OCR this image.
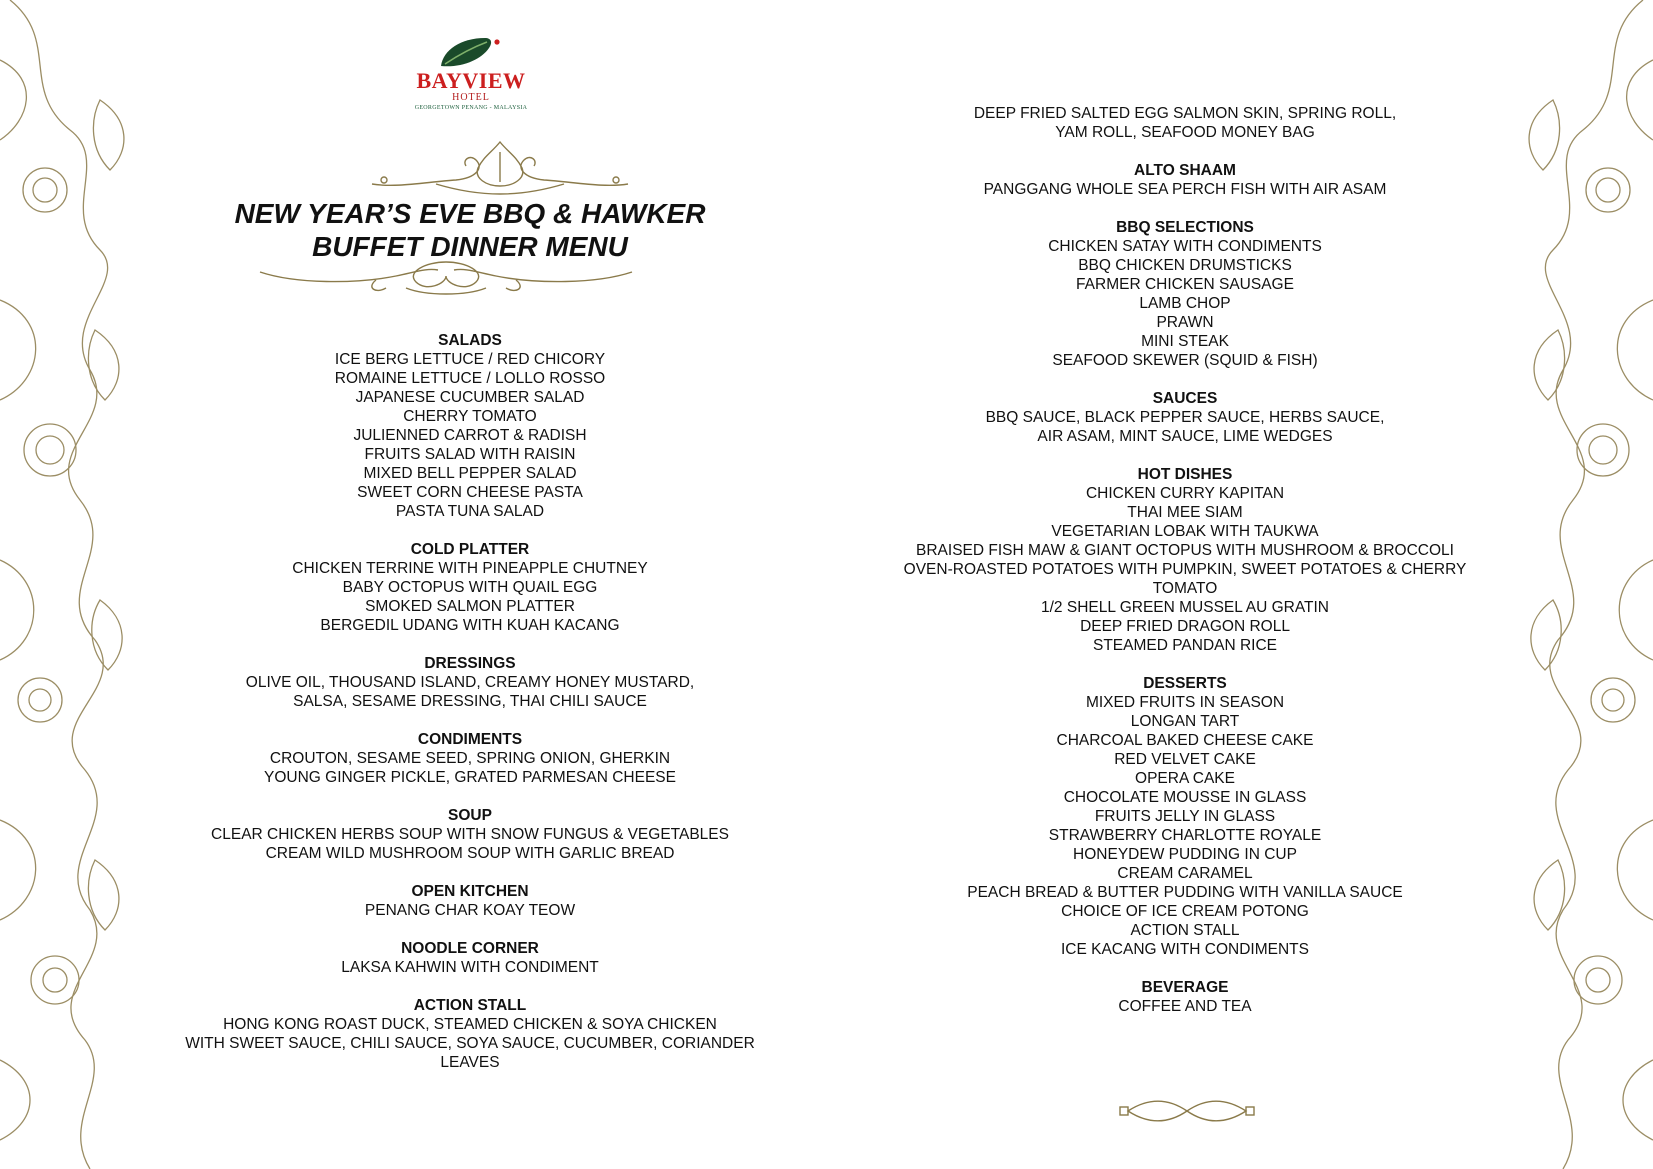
BAYVIEW
HOTEL
GEORGETOWN PENANG - MALAYSIA
NEW YEAR’S EVE BBQ & HAWKER
BUFFET DINNER MENU
SALADS
ICE BERG LETTUCE / RED CHICORY
ROMAINE LETTUCE / LOLLO ROSSO
JAPANESE CUCUMBER SALAD
CHERRY TOMATO
JULIENNED CARROT & RADISH
FRUITS SALAD WITH RAISIN
MIXED BELL PEPPER SALAD
SWEET CORN CHEESE PASTA
PASTA TUNA SALAD
COLD PLATTER
CHICKEN TERRINE WITH PINEAPPLE CHUTNEY
BABY OCTOPUS WITH QUAIL EGG
SMOKED SALMON PLATTER
BERGEDIL UDANG WITH KUAH KACANG
DRESSINGS
OLIVE OIL, THOUSAND ISLAND, CREAMY HONEY MUSTARD,
SALSA, SESAME DRESSING, THAI CHILI SAUCE
CONDIMENTS
CROUTON, SESAME SEED, SPRING ONION, GHERKIN
YOUNG GINGER PICKLE, GRATED PARMESAN CHEESE
SOUP
CLEAR CHICKEN HERBS SOUP WITH SNOW FUNGUS & VEGETABLES
CREAM WILD MUSHROOM SOUP WITH GARLIC BREAD
OPEN KITCHEN
PENANG CHAR KOAY TEOW
NOODLE CORNER
LAKSA KAHWIN WITH CONDIMENT
ACTION STALL
HONG KONG ROAST DUCK, STEAMED CHICKEN & SOYA CHICKEN
WITH SWEET SAUCE, CHILI SAUCE, SOYA SAUCE, CUCUMBER, CORIANDER
LEAVES
DEEP FRIED SALTED EGG SALMON SKIN, SPRING ROLL,
YAM ROLL, SEAFOOD MONEY BAG
ALTO SHAAM
PANGGANG WHOLE SEA PERCH FISH WITH AIR ASAM
BBQ SELECTIONS
CHICKEN SATAY WITH CONDIMENTS
BBQ CHICKEN DRUMSTICKS
FARMER CHICKEN SAUSAGE
LAMB CHOP
PRAWN
MINI STEAK
SEAFOOD SKEWER (SQUID & FISH)
SAUCES
BBQ SAUCE, BLACK PEPPER SAUCE, HERBS SAUCE,
AIR ASAM, MINT SAUCE, LIME WEDGES
HOT DISHES
CHICKEN CURRY KAPITAN
THAI MEE SIAM
VEGETARIAN LOBAK WITH TAUKWA
BRAISED FISH MAW & GIANT OCTOPUS WITH MUSHROOM & BROCCOLI
OVEN-ROASTED POTATOES WITH PUMPKIN, SWEET POTATOES & CHERRY
TOMATO
1/2 SHELL GREEN MUSSEL AU GRATIN
DEEP FRIED DRAGON ROLL
STEAMED PANDAN RICE
DESSERTS
MIXED FRUITS IN SEASON
LONGAN TART
CHARCOAL BAKED CHEESE CAKE
RED VELVET CAKE
OPERA CAKE
CHOCOLATE MOUSSE IN GLASS
FRUITS JELLY IN GLASS
STRAWBERRY CHARLOTTE ROYALE
HONEYDEW PUDDING IN CUP
CREAM CARAMEL
PEACH BREAD & BUTTER PUDDING WITH VANILLA SAUCE
CHOICE OF ICE CREAM POTONG
ACTION STALL
ICE KACANG WITH CONDIMENTS
BEVERAGE
COFFEE AND TEA
